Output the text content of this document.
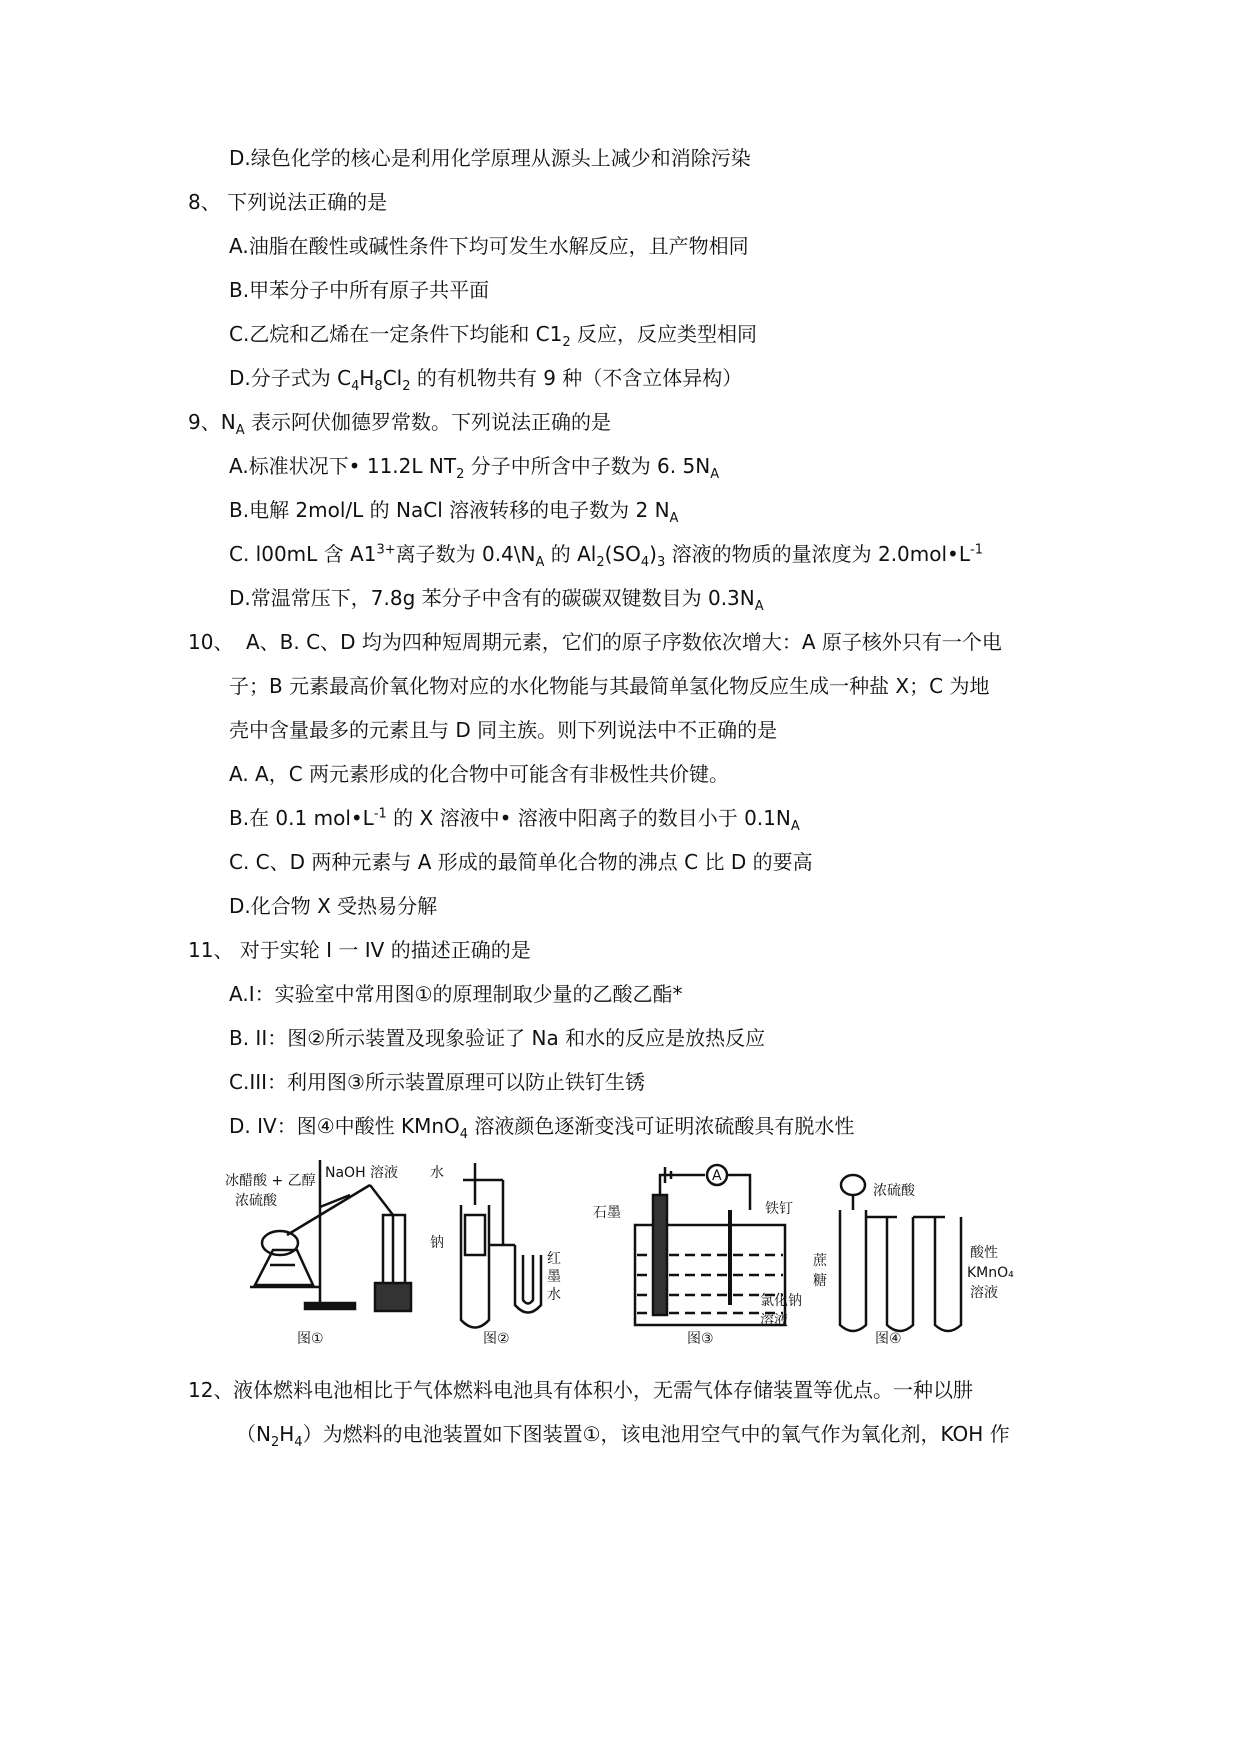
D.绿色化学的核心是利用化学原理从源头上减少和消除污染
8、 下列说法正确的是
A.油脂在酸性或碱性条件下均可发生水解反应，且产物相同
B.甲苯分子中所有原子共平面
C.乙烷和乙烯在一定条件下均能和 $C1_2$ 反应，反应类型相同
D.分子式为 $C_4H_8Cl_2$ 的有机物共有 9 种（不含立体异构）
9、$N_A$ 表示阿伏伽德罗常数。下列说法正确的是
A.标准状况下• 11.2L $NT_2$ 分子中所含中子数为 6. $5N_A$
B.电解 2mol/L 的 NaCl 溶液转移的电子数为 2 $N_A$
C. l00mL 含 $A1^{3+}$离子数为 $0.4\backslash N_A$ 的 $Al_2(SO_4)_3$ 溶液的物质的量浓度为 $2.0mol•L^{-1}$
D.常温常压下，7.8g 苯分子中含有的碳碳双键数目为 $0.3N_A$
10、 A、B. C、D 均为四种短周期元素，它们的原子序数依次增大：A 原子核外只有一个电
子；B 元素最高价氧化物对应的水化物能与其最简单氢化物反应生成一种盐 X；C 为地
壳中含量最多的元素且与 D 同主族。则下列说法中不正确的是
A. A，C 两元素形成的化合物中可能含有非极性共价键。
B.在 0.1 $mol•L^{-1}$ 的 X 溶液中• 溶液中阳离子的数目小于 $0.1N_A$
C. C、D 两种元素与 A 形成的最简单化合物的沸点 C 比 D 的要高
D.化合物 X 受热易分解
11、 对于实轮 I 一 IV 的描述正确的是
A.I：实验室中常用图①的原理制取少量的乙酸乙酯*
B. II：图②所示装置及现象验证了 Na 和水的反应是放热反应
C.III：利用图③所示装置原理可以防止铁钉生锈
D. IV：图④中酸性 KMnO$_4$ 溶液颜色逐渐变浅可证明浓硫酸具有脱水性
冰醋酸 + 乙醇
浓硫酸
NaOH 溶液
图①
水
钠
红
墨
水
图②
石墨	铁钉
氯化钠
溶液
A
图③
浓硫酸
蔗
糖
酸性
KMnO₄
溶液
图④
12、 液体燃料电池相比于气体燃料电池具有体积小，无需气体存储装置等优点。一种以肼
$(N_2H_4)$为燃料的电池装置如下图装置①，该电池用空气中的氧气作为氧化剂，KOH 作
